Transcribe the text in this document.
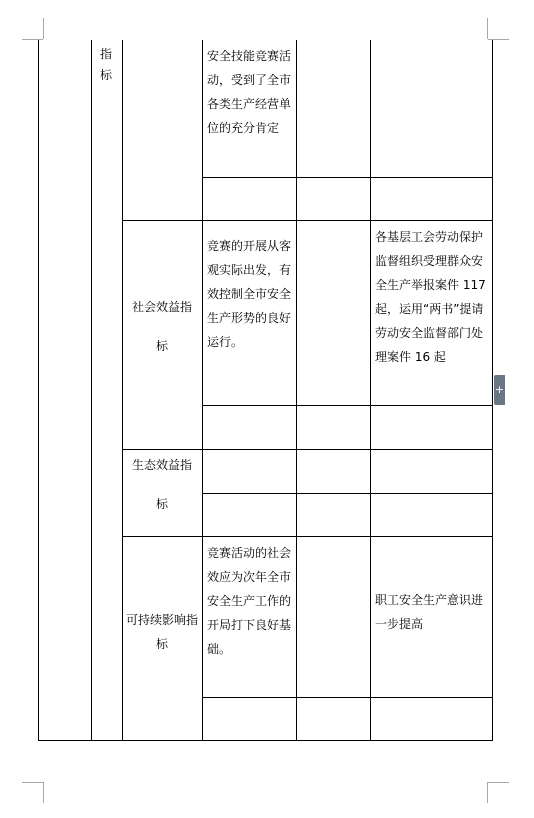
指标
安全技能竞赛活动，受到了全市各类生产经营单位的充分肯定
社会效益指标
竞赛的开展从客观实际出发，有效控制全市安全生产形势的良好运行。
各基层工会劳动保护监督组织受理群众安全生产举报案件 117 起，运用“两书”提请劳动安全监督部门处理案件 16 起
生态效益指标
可持续影响指标
竞赛活动的社会效应为次年全市安全生产工作的开局打下良好基础。
职工安全生产意识进一步提高
+
